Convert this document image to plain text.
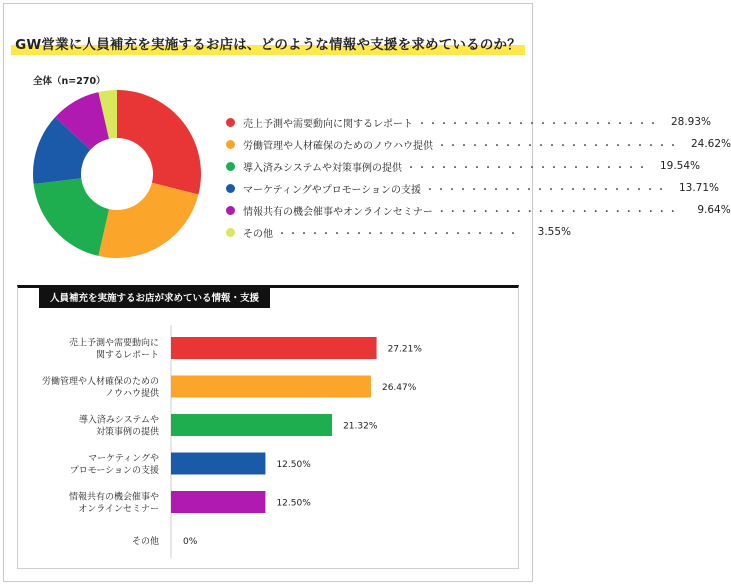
GW営業に人員補充を実施するお店は、どのような情報や支援を求めているのか？
全体（n=270）
売上予測や需要動向に関するレポート ・・・・・・・・・・・・・・・・・・・・・・	28.93%
労働管理や人材確保のためのノウハウ提供 ・・・・・・・・・・・・・・・・・・・・・・	24.62%
導入済みシステムや対策事例の提供 ・・・・・・・・・・・・・・・・・・・・・・	19.54%
マーケティングやプロモーションの支援 ・・・・・・・・・・・・・・・・・・・・・・	13.71%
情報共有の機会催事やオンラインセミナー ・・・・・・・・・・・・・・・・・・・・・・	9.64%
その他 ・・・・・・・・・・・・・・・・・・・・・・	3.55%
人員補充を実施するお店が求めている情報・支援
27.21%
売上予測や需要動向に
関するレポート
26.47%
労働管理や人材確保のための
ノウハウ提供
21.32%
導入済みシステムや
対策事例の提供
12.50%
マーケティングや
プロモーションの支援
12.50%
情報共有の機会催事や
オンラインセミナー
0%
その他
